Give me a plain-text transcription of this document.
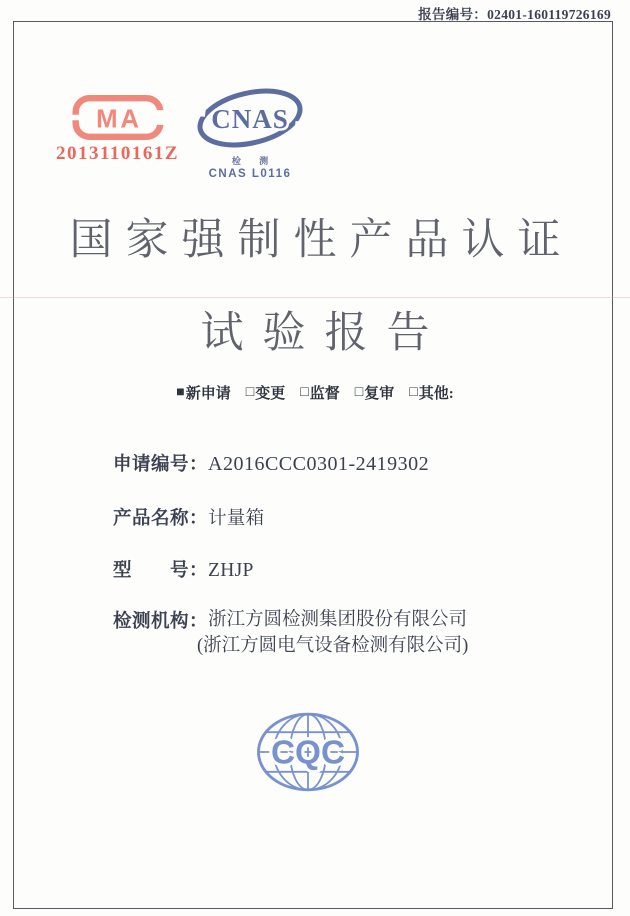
报告编号：02401-160119726169
MA
2013110161Z
CNAS
检 测
CNAS L0116
国家强制性产品认证
试验报告
■ 新申请 □ 变更 □ 监督 □ 复审 □ 其他:
申请编号：A2016CCC0301-2419302
产品名称：计量箱
型　　号：ZHJP
检测机构：浙江方圆检测集团股份有限公司
(浙江方圆电气设备检测有限公司)
CQC
